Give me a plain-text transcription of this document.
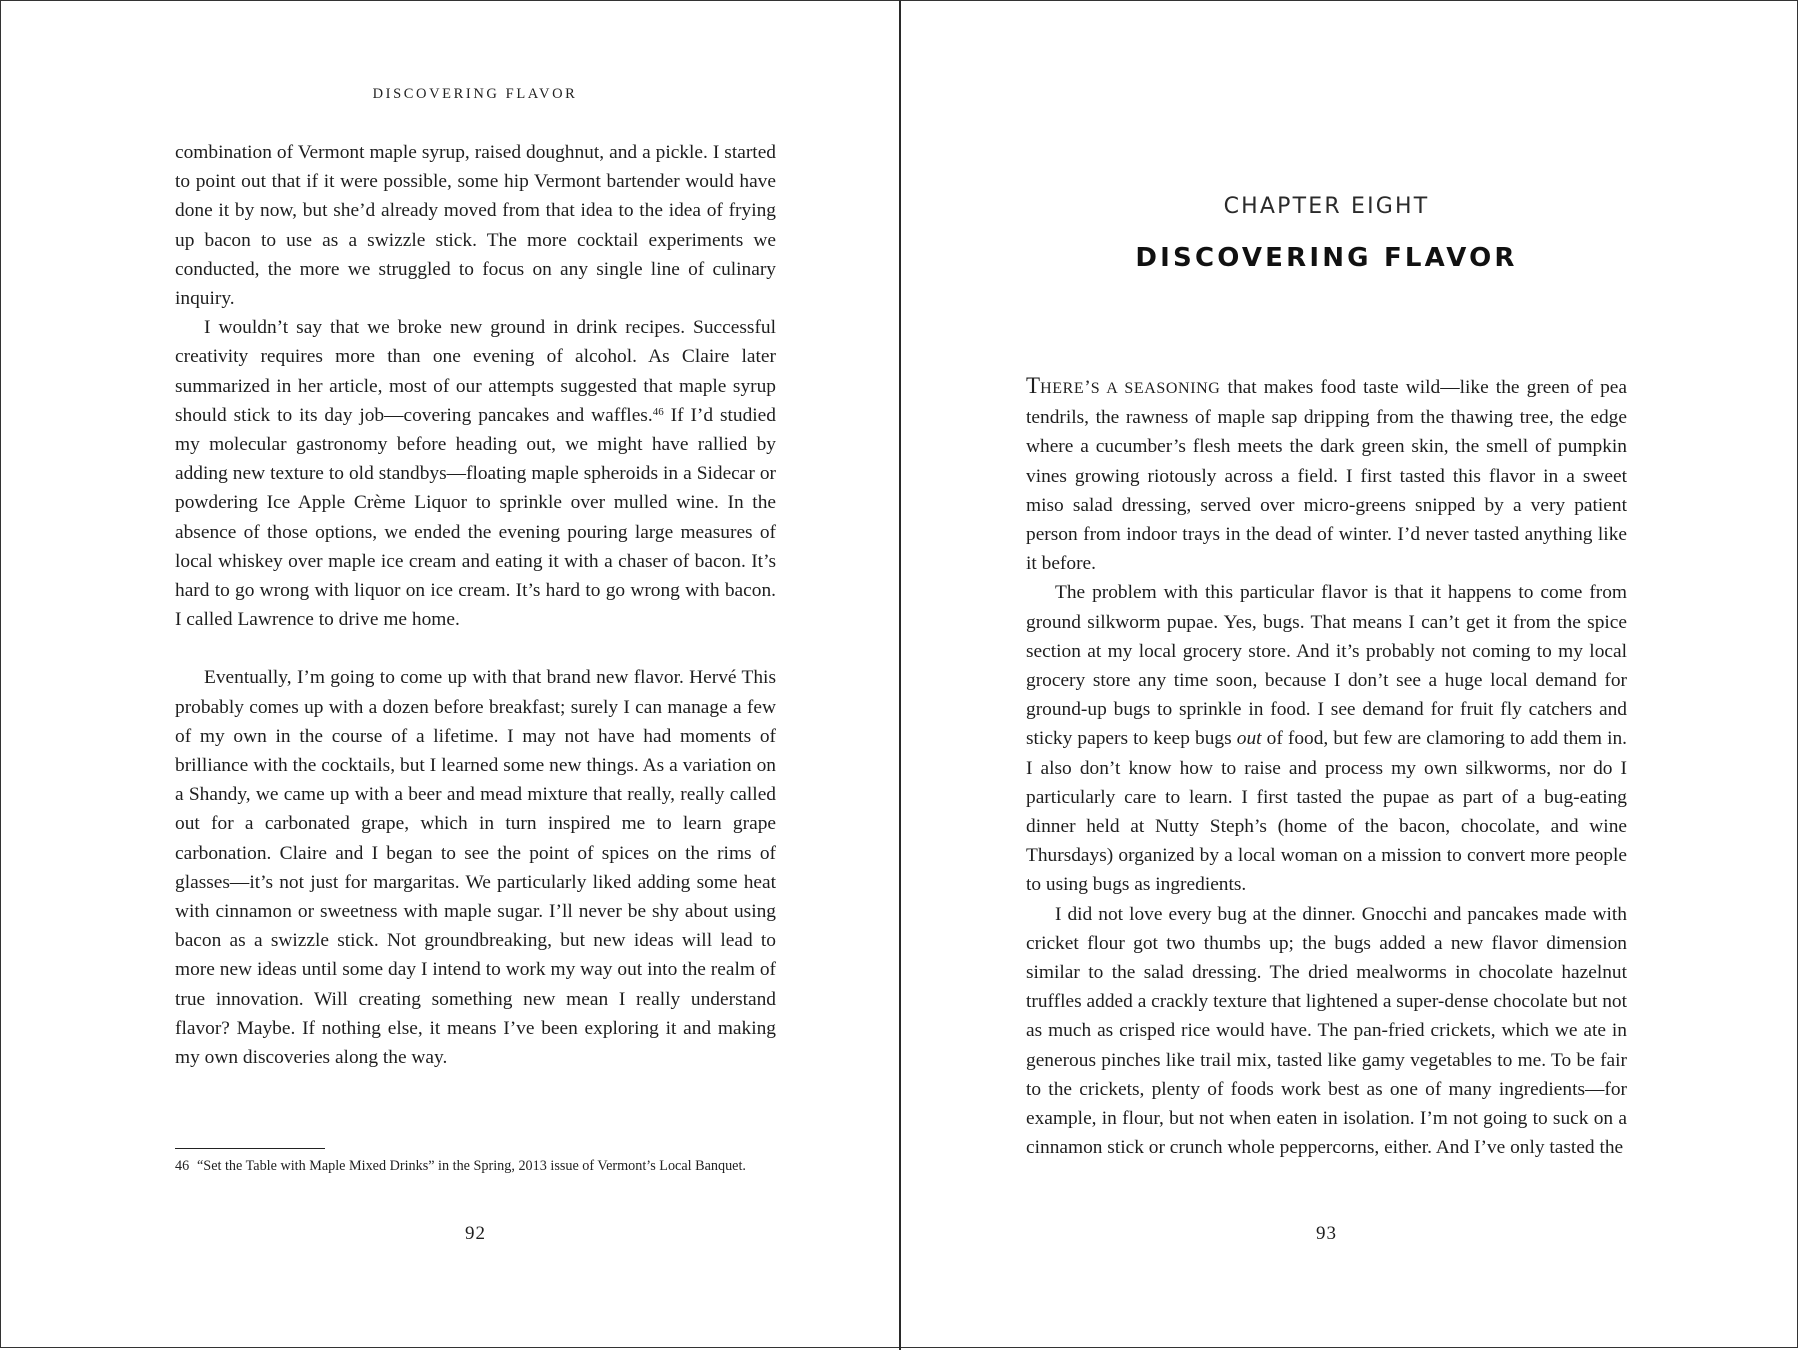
DISCOVERING FLAVOR

combination of Vermont maple syrup, raised doughnut, and a pickle. I started to point out that if it were possible, some hip Vermont bartender would have done it by now, but she’d already moved from that idea to the idea of frying up bacon to use as a swizzle stick. The more cocktail experiments we conducted, the more we struggled to focus on any single line of culinary inquiry.

I wouldn’t say that we broke new ground in drink recipes. Successful creativity requires more than one evening of alcohol. As Claire later summarized in her article, most of our attempts suggested that maple syrup should stick to its day job—covering pancakes and waffles.$^{46}$ If I’d studied my molecular gastronomy before heading out, we might have rallied by adding new texture to old standbys—floating maple spheroids in a Sidecar or powdering Ice Apple Crème Liquor to sprinkle over mulled wine. In the absence of those options, we ended the evening pouring large measures of local whiskey over maple ice cream and eating it with a chaser of bacon. It’s hard to go wrong with liquor on ice cream. It’s hard to go wrong with bacon. I called Lawrence to drive me home.

Eventually, I’m going to come up with that brand new flavor. Hervé This probably comes up with a dozen before breakfast; surely I can manage a few of my own in the course of a lifetime. I may not have had moments of brilliance with the cocktails, but I learned some new things. As a variation on a Shandy, we came up with a beer and mead mixture that really, really called out for a carbonated grape, which in turn inspired me to learn grape carbonation. Claire and I began to see the point of spices on the rims of glasses—it’s not just for margaritas. We particularly liked adding some heat with cinnamon or sweetness with maple sugar. I’ll never be shy about using bacon as a swizzle stick. Not groundbreaking, but new ideas will lead to more new ideas until some day I intend to work my way out into the realm of true innovation. Will creating something new mean I really understand flavor? Maybe. If nothing else, it means I’ve been exploring it and making my own discoveries along the way.

46 “Set the Table with Maple Mixed Drinks” in the Spring, 2013 issue of Vermont’s Local Banquet.
92
CHAPTER EIGHT
DISCOVERING FLAVOR

THERE’S A SEASONING that makes food taste wild—like the green of pea tendrils, the rawness of maple sap dripping from the thawing tree, the edge where a cucumber’s flesh meets the dark green skin, the smell of pumpkin vines growing riotously across a field. I first tasted this flavor in a sweet miso salad dressing, served over micro-greens snipped by a very patient person from indoor trays in the dead of winter. I’d never tasted anything like it before.

The problem with this particular flavor is that it happens to come from ground silkworm pupae. Yes, bugs. That means I can’t get it from the spice section at my local grocery store. And it’s probably not coming to my local grocery store any time soon, because I don’t see a huge local demand for ground-up bugs to sprinkle in food. I see demand for fruit fly catchers and sticky papers to keep bugs out of food, but few are clamoring to add them in. I also don’t know how to raise and process my own silkworms, nor do I particularly care to learn. I first tasted the pupae as part of a bug-eating dinner held at Nutty Steph’s (home of the bacon, chocolate, and wine Thursdays) organized by a local woman on a mission to convert more people to using bugs as ingredients.

I did not love every bug at the dinner. Gnocchi and pancakes made with cricket flour got two thumbs up; the bugs added a new flavor dimension similar to the salad dressing. The dried mealworms in chocolate hazelnut truffles added a crackly texture that lightened a super-dense chocolate but not as much as crisped rice would have. The pan-fried crickets, which we ate in generous pinches like trail mix, tasted like gamy vegetables to me. To be fair to the crickets, plenty of foods work best as one of many ingredients—for example, in flour, but not when eaten in isolation. I’m not going to suck on a cinnamon stick or crunch whole peppercorns, either. And I’ve only tasted the

93
